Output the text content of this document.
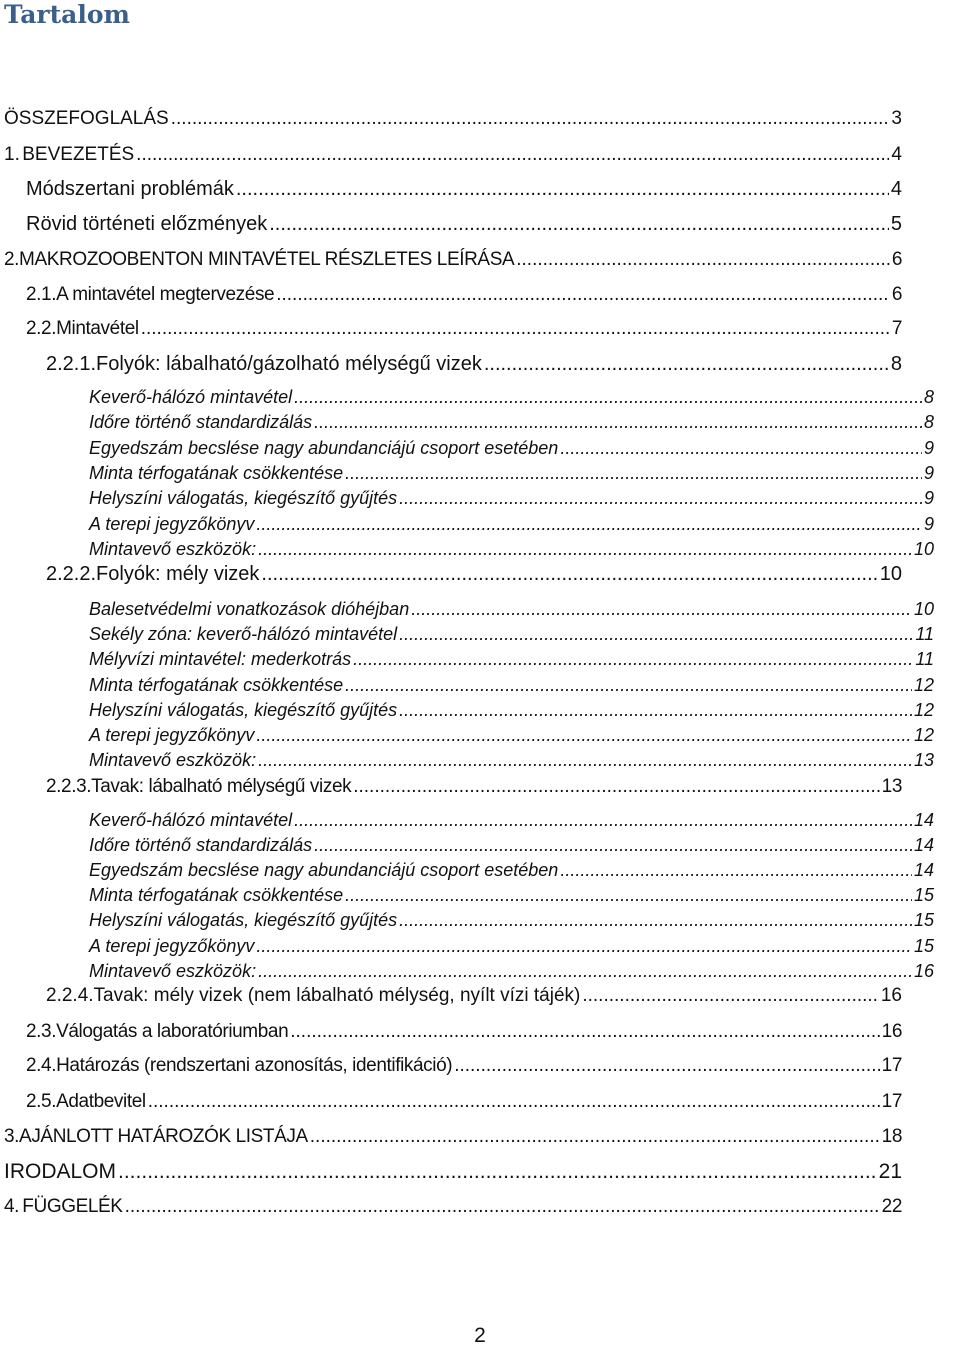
Tartalom
ÖSSZEFOGLALÁS .....	3
1. BEVEZETÉS .....	4
Módszertani problémák .....	4
Rövid történeti előzmények .....	5
2. MAKROZOOBENTON MINTAVÉTEL RÉSZLETES LEÍRÁSA .....	6
2.1. A mintavétel megtervezése .....	6
2.2. Mintavétel .....	7
2.2.1. Folyók: lábalható/gázolható mélységű vizek .....	8
Keverő-hálózó mintavétel .....	8
Időre történő standardizálás .....	8
Egyedszám becslése nagy abundanciájú csoport esetében .....	9
Minta térfogatának csökkentése .....	9
Helyszíni válogatás, kiegészítő gyűjtés .....	9
A terepi jegyzőkönyv .....	9
Mintavevő eszközök: .....	10
2.2.2. Folyók: mély vizek .....	10
Balesetvédelmi vonatkozások dióhéjban .....	10
Sekély zóna: keverő-hálózó mintavétel .....	11
Mélyvízi mintavétel: mederkotrás .....	11
Minta térfogatának csökkentése .....	12
Helyszíni válogatás, kiegészítő gyűjtés .....	12
A terepi jegyzőkönyv .....	12
Mintavevő eszközök: .....	13
2.2.3. Tavak: lábalható mélységű vizek .....	13
Keverő-hálózó mintavétel .....	14
Időre történő standardizálás .....	14
Egyedszám becslése nagy abundanciájú csoport esetében .....	14
Minta térfogatának csökkentése .....	15
Helyszíni válogatás, kiegészítő gyűjtés .....	15
A terepi jegyzőkönyv .....	15
Mintavevő eszközök: .....	16
2.2.4. Tavak: mély vizek (nem lábalható mélység, nyílt vízi tájék) .....	16
2.3. Válogatás a laboratóriumban .....	16
2.4. Határozás (rendszertani azonosítás, identifikáció) .....	17
2.5. Adatbevitel .....	17
3. AJÁNLOTT HATÁROZÓK LISTÁJA .....	18
IRODALOM .....	21
4. FÜGGELÉK .....	22

2
